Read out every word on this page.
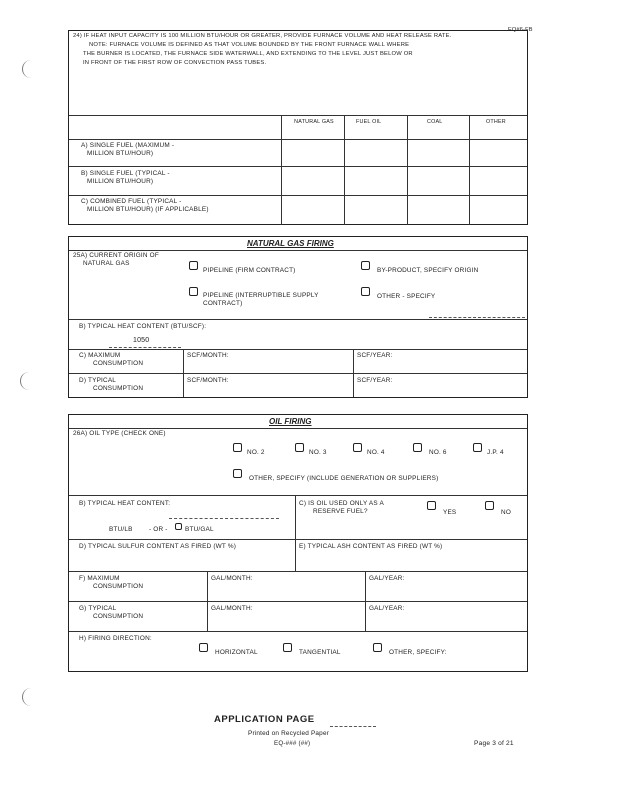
EQ#6-FB
24) IF HEAT INPUT CAPACITY IS 100 MILLION BTU/HOUR OR GREATER, PROVIDE FURNACE VOLUME AND HEAT RELEASE RATE.
NOTE: FURNACE VOLUME IS DEFINED AS THAT VOLUME BOUNDED BY THE FRONT FURNACE WALL WHERE
THE BURNER IS LOCATED, THE FURNACE SIDE WATERWALL, AND EXTENDING TO THE LEVEL JUST BELOW OR
IN FRONT OF THE FIRST ROW OF CONVECTION PASS TUBES.
NATURAL GAS	FUEL OIL	COAL	OTHER
A) SINGLE FUEL (MAXIMUM -
MILLION BTU/HOUR)
B) SINGLE FUEL (TYPICAL -
MILLION BTU/HOUR)
C) COMBINED FUEL (TYPICAL -
MILLION BTU/HOUR) (IF APPLICABLE)
NATURAL GAS FIRING
25A) CURRENT ORIGIN OF
NATURAL GAS
PIPELINE (FIRM CONTRACT)	BY-PRODUCT, SPECIFY ORIGIN
PIPELINE (INTERRUPTIBLE SUPPLY
CONTRACT)
OTHER - SPECIFY
B) TYPICAL HEAT CONTENT (BTU/SCF):
1050
C) MAXIMUM
CONSUMPTION
SCF/MONTH:	SCF/YEAR:
D) TYPICAL
CONSUMPTION
SCF/MONTH:	SCF/YEAR:
OIL FIRING
26A) OIL TYPE (CHECK ONE)
NO. 2	NO. 3	NO. 4	NO. 6	J.P. 4
OTHER, SPECIFY (INCLUDE GENERATION OR SUPPLIERS)
B) TYPICAL HEAT CONTENT:
BTU/LB	- OR -	BTU/GAL
C) IS OIL USED ONLY AS A
RESERVE FUEL?	YES	NO
D) TYPICAL SULFUR CONTENT AS FIRED (WT %)	E) TYPICAL ASH CONTENT AS FIRED (WT %)
F) MAXIMUM
CONSUMPTION
GAL/MONTH:	GAL/YEAR:
G) TYPICAL
CONSUMPTION
GAL/MONTH:	GAL/YEAR:
H) FIRING DIRECTION:
HORIZONTAL	TANGENTIAL	OTHER, SPECIFY:
APPLICATION PAGE
Printed on Recycled Paper
EQ-### (##)	Page 3 of 21
